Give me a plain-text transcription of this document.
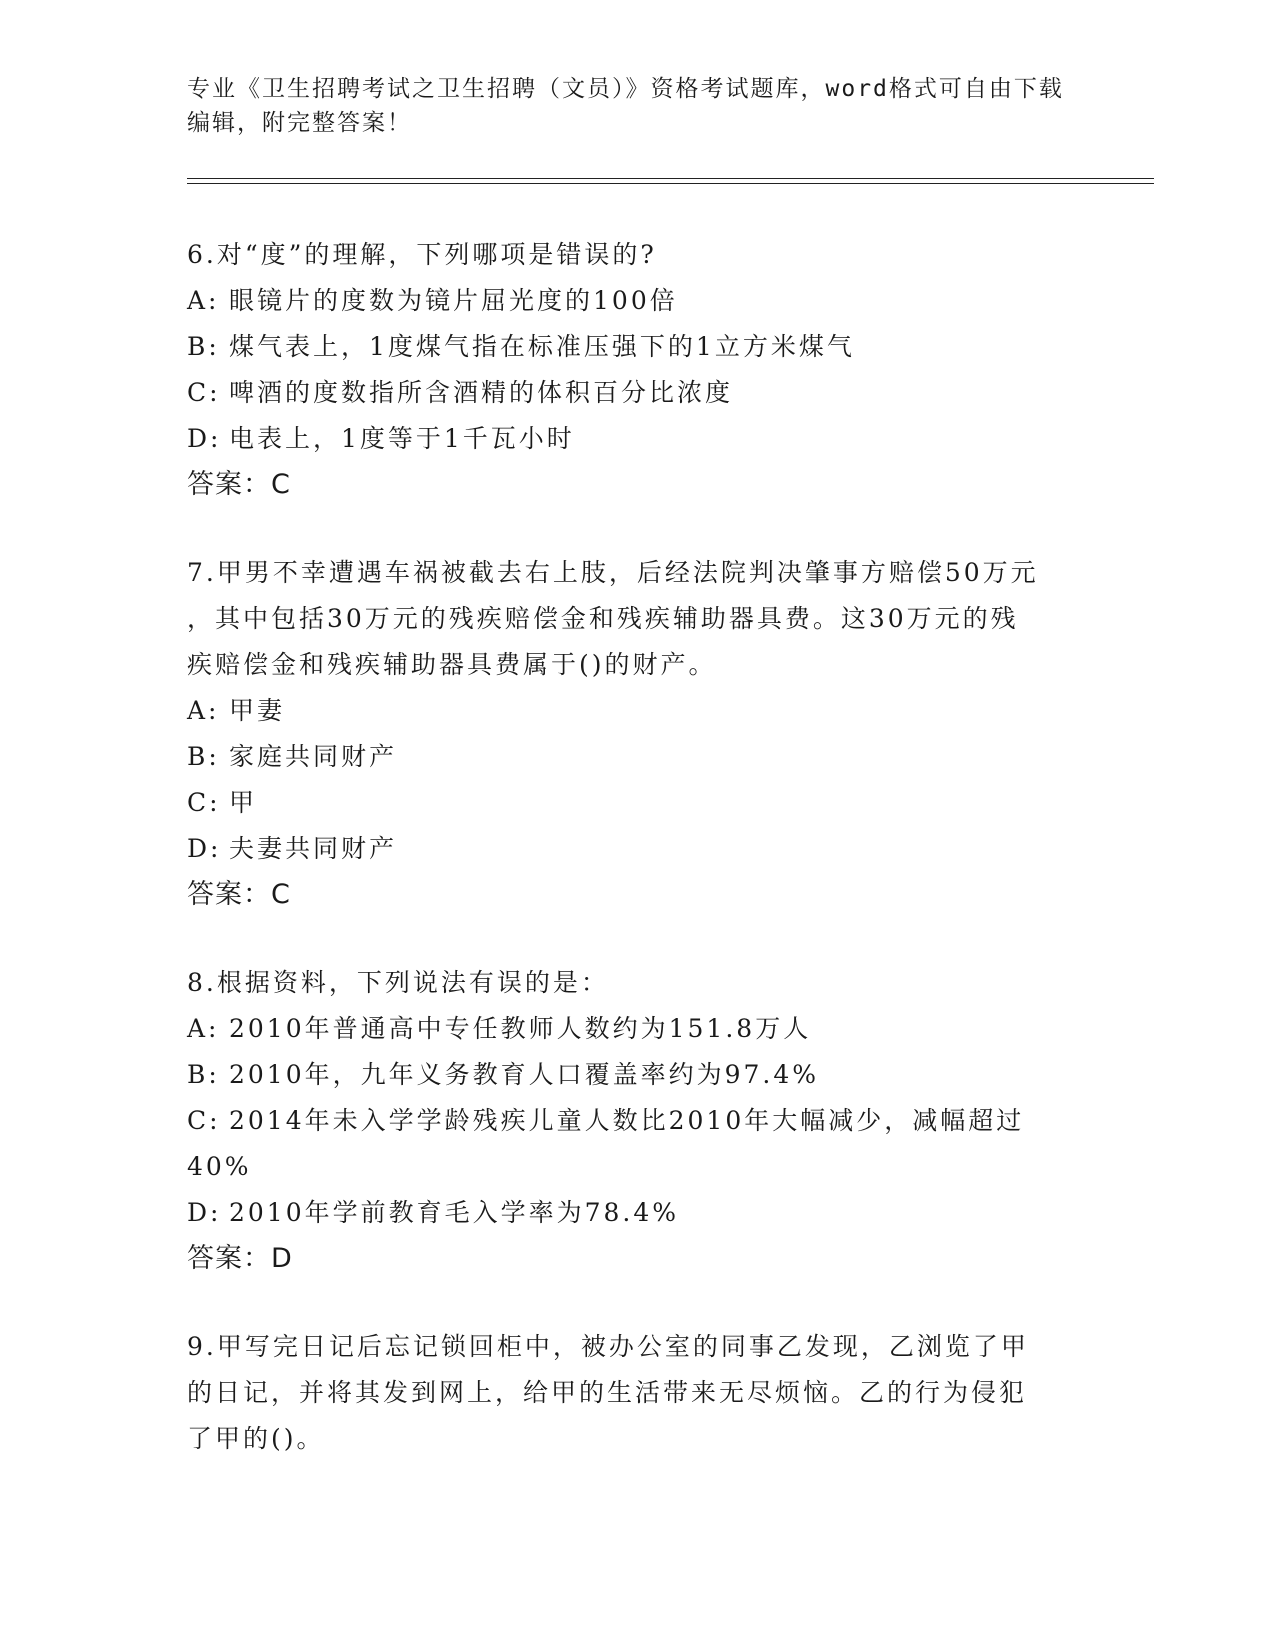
专业《卫生招聘考试之卫生招聘（文员）》资格考试题库，word格式可自由下载
编辑，附完整答案！
6.对“度”的理解，下列哪项是错误的?
A: 眼镜片的度数为镜片屈光度的100倍
B: 煤气表上，1度煤气指在标准压强下的1立方米煤气
C: 啤酒的度数指所含酒精的体积百分比浓度
D: 电表上，1度等于1千瓦小时
答案：C
7.甲男不幸遭遇车祸被截去右上肢，后经法院判决肇事方赔偿50万元
，其中包括30万元的残疾赔偿金和残疾辅助器具费。这30万元的残
疾赔偿金和残疾辅助器具费属于()的财产。
A: 甲妻
B: 家庭共同财产
C: 甲
D: 夫妻共同财产
答案：C
8.根据资料，下列说法有误的是：
A: 2010年普通高中专任教师人数约为151.8万人
B: 2010年，九年义务教育人口覆盖率约为97.4%
C: 2014年未入学学龄残疾儿童人数比2010年大幅减少，减幅超过
40%
D: 2010年学前教育毛入学率为78.4%
答案：D
9.甲写完日记后忘记锁回柜中，被办公室的同事乙发现，乙浏览了甲
的日记，并将其发到网上，给甲的生活带来无尽烦恼。乙的行为侵犯
了甲的()。
